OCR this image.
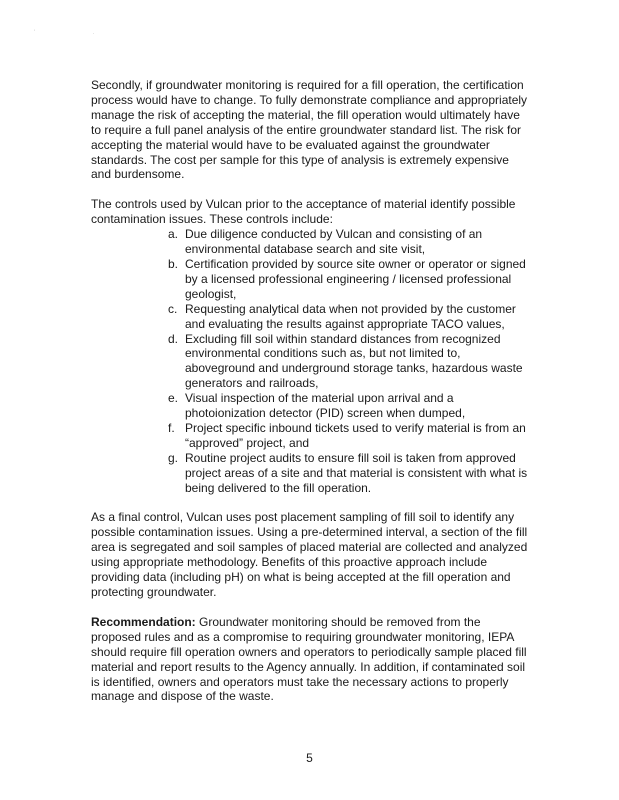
' .

Secondly, if groundwater monitoring is required for a fill operation, the certification process would have to change. To fully demonstrate compliance and appropriately manage the risk of accepting the material, the fill operation would ultimately have to require a full panel analysis of the entire groundwater standard list. The risk for accepting the material would have to be evaluated against the groundwater standards. The cost per sample for this type of analysis is extremely expensive and burdensome.

The controls used by Vulcan prior to the acceptance of material identify possible contamination issues. These controls include:

a. Due diligence conducted by Vulcan and consisting of an environmental database search and site visit,
b. Certification provided by source site owner or operator or signed by a licensed professional engineering / licensed professional geologist,
c. Requesting analytical data when not provided by the customer and evaluating the results against appropriate TACO values,
d. Excluding fill soil within standard distances from recognized environmental conditions such as, but not limited to, aboveground and underground storage tanks, hazardous waste generators and railroads,
e. Visual inspection of the material upon arrival and a photoionization detector (PID) screen when dumped,
f. Project specific inbound tickets used to verify material is from an “approved” project, and
g. Routine project audits to ensure fill soil is taken from approved project areas of a site and that material is consistent with what is being delivered to the fill operation.

As a final control, Vulcan uses post placement sampling of fill soil to identify any possible contamination issues. Using a pre-determined interval, a section of the fill area is segregated and soil samples of placed material are collected and analyzed using appropriate methodology. Benefits of this proactive approach include providing data (including pH) on what is being accepted at the fill operation and protecting groundwater.

Recommendation: Groundwater monitoring should be removed from the proposed rules and as a compromise to requiring groundwater monitoring, IEPA should require fill operation owners and operators to periodically sample placed fill material and report results to the Agency annually. In addition, if contaminated soil is identified, owners and operators must take the necessary actions to properly manage and dispose of the waste.

5
